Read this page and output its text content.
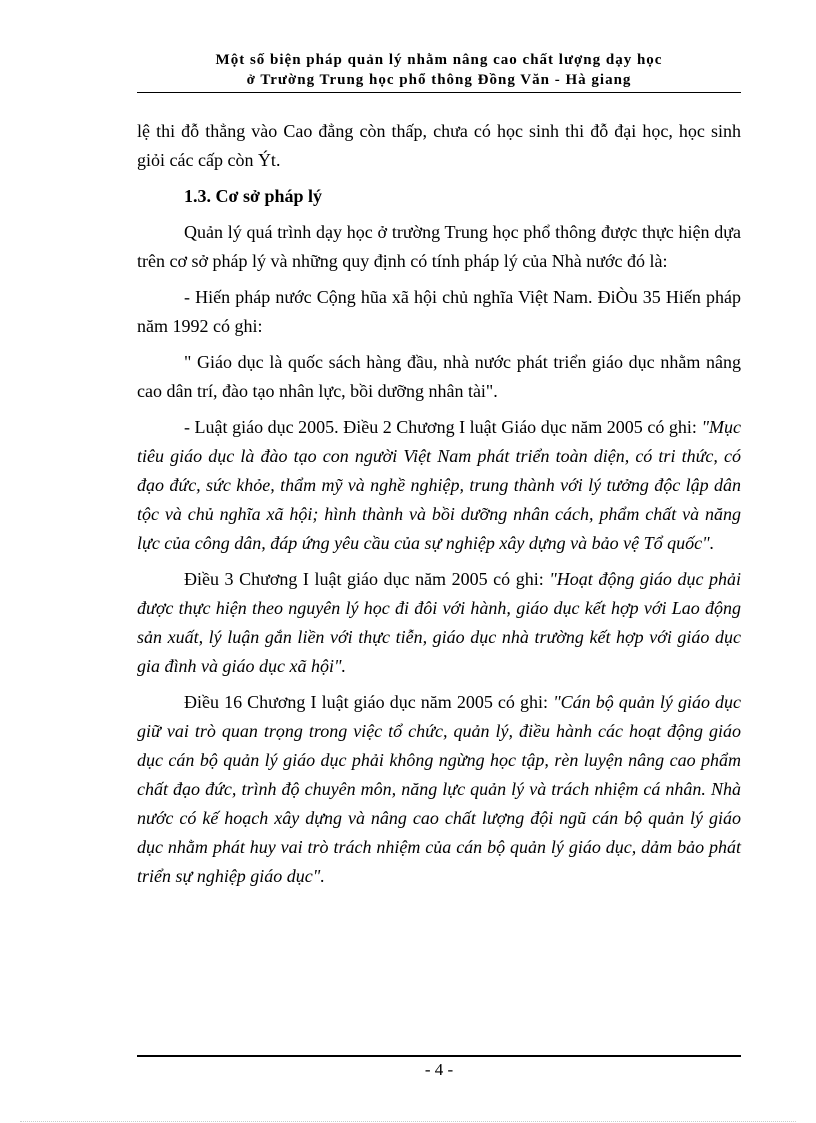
Một số biện pháp quản lý nhằm nâng cao chất lượng dạy học
ở Trường Trung học phổ thông Đồng Văn - Hà giang

lệ thi đỗ thẳng vào Cao đẳng còn thấp, chưa có học sinh thi đỗ đại học, học sinh giỏi các cấp còn Ýt.

1.3. Cơ sở pháp lý

Quản lý quá trình dạy học ở trường Trung học phổ thông được thực hiện dựa trên cơ sở pháp lý và những quy định có tính pháp lý của Nhà nước đó là:

- Hiến pháp nước Cộng hũa xã hội chủ nghĩa Việt Nam. ĐiÒu 35 Hiến pháp năm 1992 có ghi:

" Giáo dục là quốc sách hàng đầu, nhà nước phát triển giáo dục nhằm nâng cao dân trí, đào tạo nhân lực, bồi dưỡng nhân tài".

- Luật giáo dục 2005. Điều 2 Chương I luật Giáo dục năm 2005 có ghi: "Mục tiêu giáo dục là đào tạo con người Việt Nam phát triển toàn diện, có tri thức, có đạo đức, sức khỏe, thẩm mỹ và nghề nghiệp, trung thành với lý tưởng độc lập dân tộc và chủ nghĩa xã hội; hình thành và bồi dưỡng nhân cách, phẩm chất và năng lực của công dân, đáp ứng yêu cầu của sự nghiệp xây dựng và bảo vệ Tổ quốc".

Điều 3 Chương I luật giáo dục năm 2005 có ghi: "Hoạt động giáo dục phải được thực hiện theo nguyên lý học đi đôi với hành, giáo dục kết hợp với Lao động sản xuất, lý luận gắn liền với thực tiễn, giáo dục nhà trường kết hợp với giáo dục gia đình và giáo dục xã hội".

Điều 16 Chương I luật giáo dục năm 2005 có ghi: "Cán bộ quản lý giáo dục giữ vai trò quan trọng trong việc tổ chức, quản lý, điều hành các hoạt động giáo dục cán bộ quản lý giáo dục phải không ngừng học tập, rèn luyện nâng cao phẩm chất đạo đức, trình độ chuyên môn, năng lực quản lý và trách nhiệm cá nhân. Nhà nước có kế hoạch xây dựng và nâng cao chất lượng đội ngũ cán bộ quản lý giáo dục nhằm phát huy vai trò trách nhiệm của cán bộ quản lý giáo dục, dảm bảo phát triển sự nghiệp giáo dục".

- 4 -
